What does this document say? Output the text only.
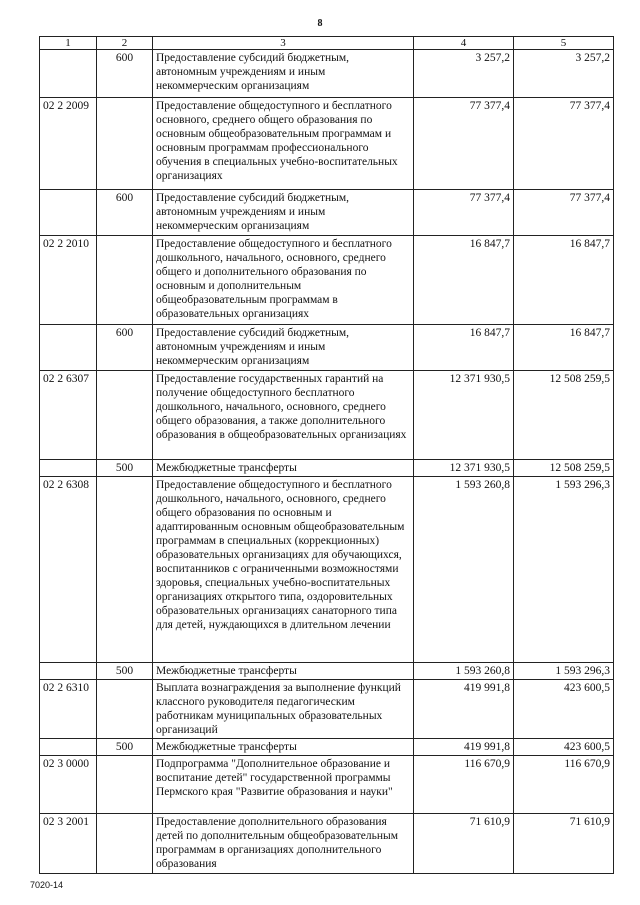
8
1	2	3	4	5
	600	Предоставление субсидий бюджетным, автономным учреждениям и иным некоммерческим организациям	3 257,2	3 257,2
02 2 2009		Предоставление общедоступного и бесплатного основного, среднего общего образования по основным общеобразовательным программам и основным программам профессионального обучения в специальных учебно-воспитательных организациях	77 377,4	77 377,4
	600	Предоставление субсидий бюджетным, автономным учреждениям и иным некоммерческим организациям	77 377,4	77 377,4
02 2 2010		Предоставление общедоступного и бесплатного дошкольного, начального, основного, среднего общего и дополнительного образования по основным и дополнительным общеобразовательным программам в образовательных организациях	16 847,7	16 847,7
	600	Предоставление субсидий бюджетным, автономным учреждениям и иным некоммерческим организациям	16 847,7	16 847,7
02 2 6307		Предоставление государственных гарантий на получение общедоступного бесплатного дошкольного, начального, основного, среднего общего образования, а также дополнительного образования в общеобразовательных организациях	12 371 930,5	12 508 259,5
	500	Межбюджетные трансферты	12 371 930,5	12 508 259,5
02 2 6308		Предоставление общедоступного и бесплатного дошкольного, начального, основного, среднего общего образования по основным и адаптированным основным общеобразовательным программам в специальных (коррекционных) образовательных организациях для обучающихся, воспитанников с ограниченными возможностями здоровья, специальных учебно-воспитательных организациях открытого типа, оздоровительных образовательных организациях санаторного типа для детей, нуждающихся в длительном лечении	1 593 260,8	1 593 296,3
	500	Межбюджетные трансферты	1 593 260,8	1 593 296,3
02 2 6310		Выплата вознаграждения за выполнение функций классного руководителя педагогическим работникам муниципальных образовательных организаций	419 991,8	423 600,5
	500	Межбюджетные трансферты	419 991,8	423 600,5
02 3 0000		Подпрограмма "Дополнительное образование и воспитание детей" государственной программы Пермского края "Развитие образования и науки"	116 670,9	116 670,9
02 3 2001		Предоставление дополнительного образования детей по дополнительным общеобразовательным программам в организациях дополнительного образования	71 610,9	71 610,9
7020-14
